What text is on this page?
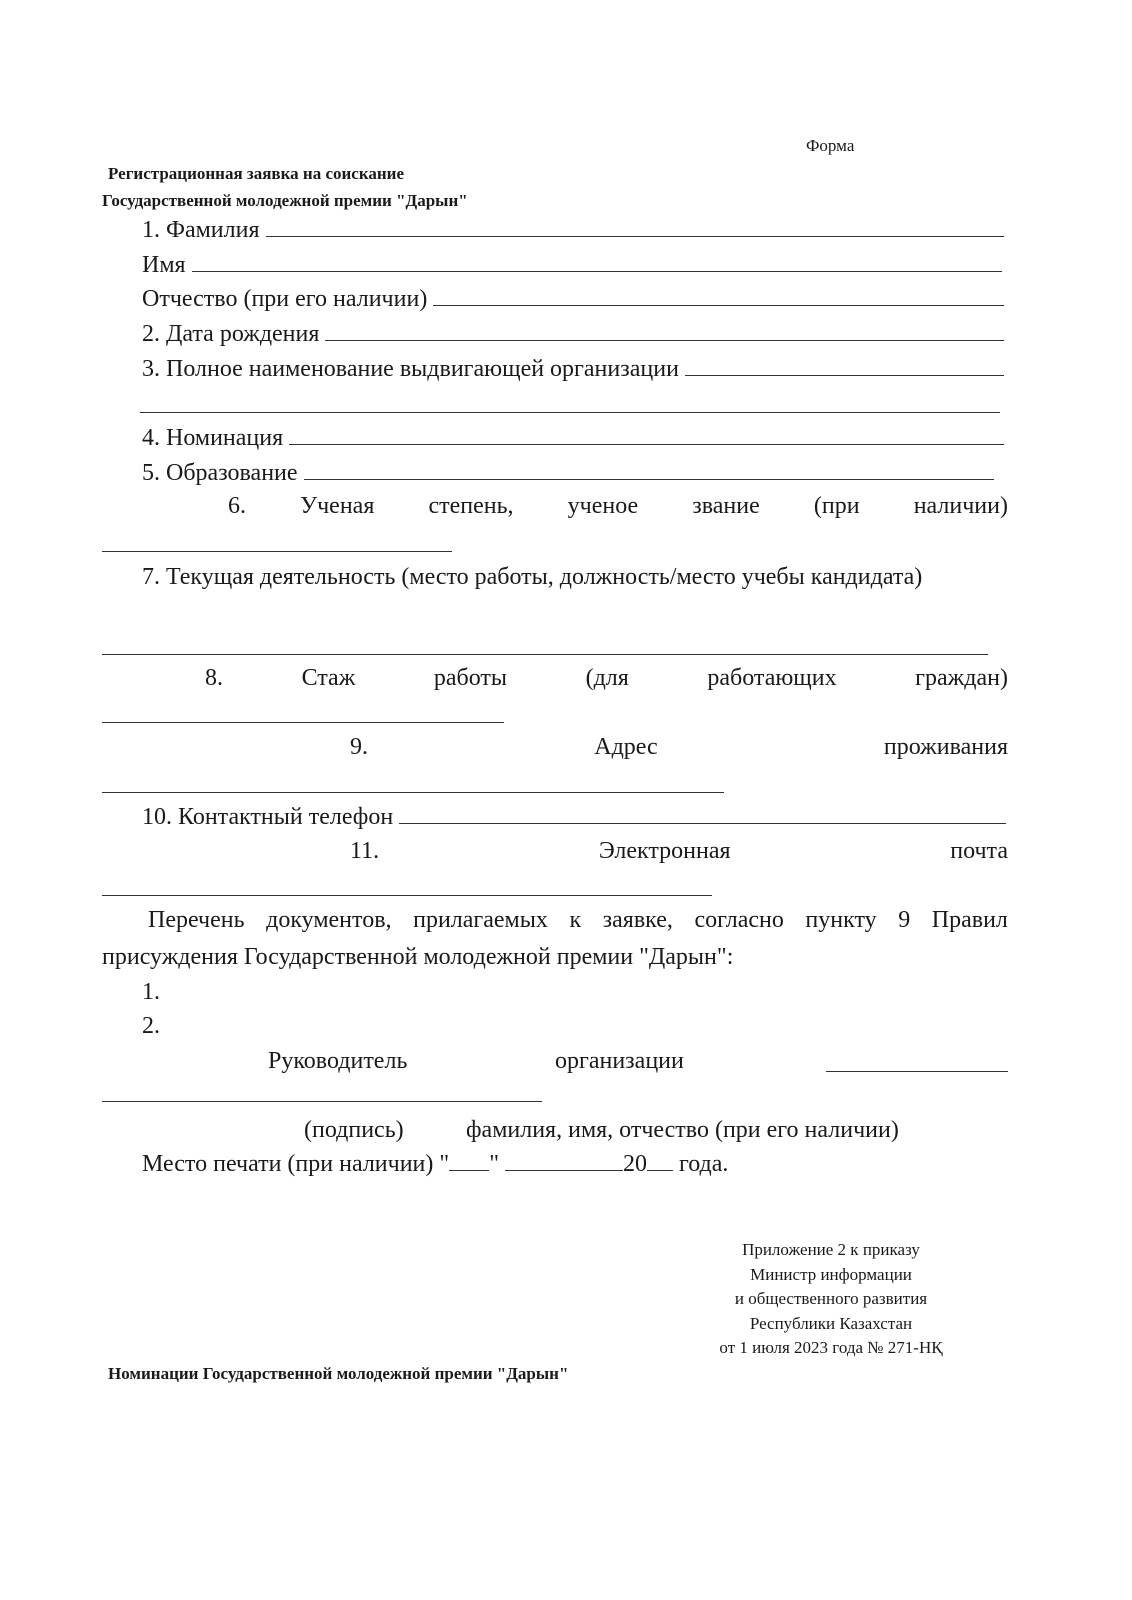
Форма
Регистрационная заявка на соискание
Государственной молодежной премии "Дарын"
1. Фамилия
Имя
Отчество (при его наличии)
2. Дата рождения
3. Полное наименование выдвигающей организации
4. Номинация
5. Образование
6. Ученая степень, ученое звание (при наличии)
7. Текущая деятельность (место работы, должность/место учебы кандидата)
8.	Стаж	работы	(для	работающих	граждан)
9.	Адрес	проживания
10. Контактный телефон
11.	Электронная	почта
Перечень документов, прилагаемых к заявке, согласно пункту 9 Правил
присуждения Государственной молодежной премии "Дарын":
1.
2.
Руководитель	организации
(подпись)	фамилия, имя, отчество (при его наличии)
Место печати (при наличии) " "	20 года.
Приложение 2 к приказу
Министр информации
и общественного развития
Республики Казахстан
от 1 июля 2023 года № 271-НҚ
Номинации Государственной молодежной премии "Дарын"
